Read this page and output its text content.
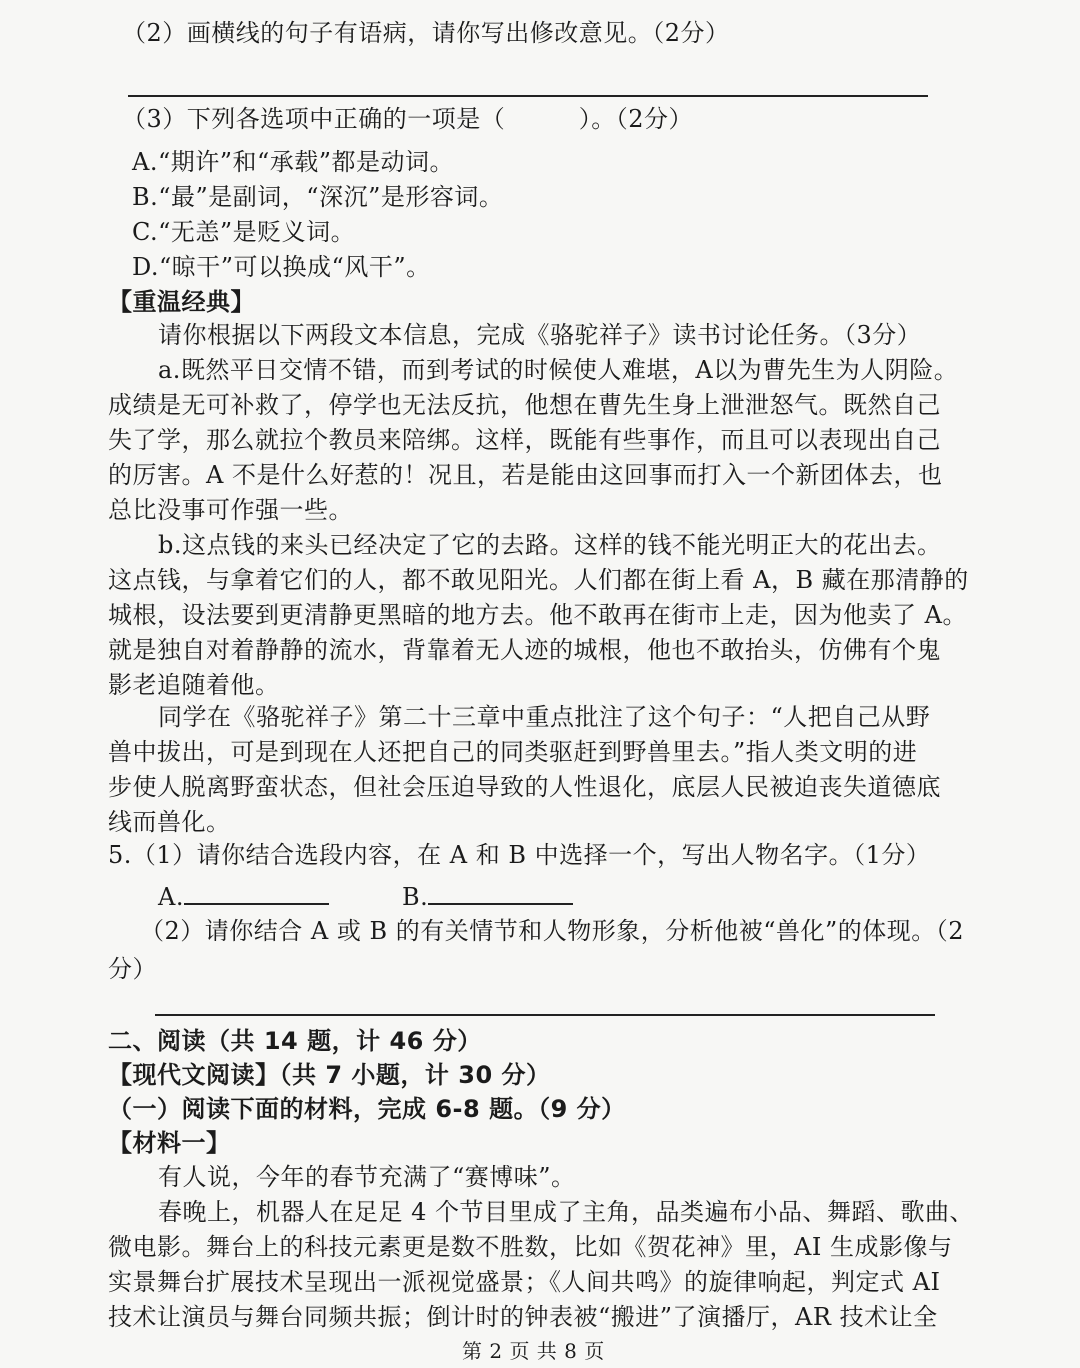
（2）画横线的句子有语病，请你写出修改意见。（2分）
（3）下列各选项中正确的一项是（　　　）。（2分）
A.“期许”和“承载”都是动词。
B.“最”是副词，“深沉”是形容词。
C.“无恙”是贬义词。
D.“晾干”可以换成“风干”。
【重温经典】
请你根据以下两段文本信息，完成《骆驼祥子》读书讨论任务。（3分）
a.既然平日交情不错，而到考试的时候使人难堪，A以为曹先生为人阴险。
成绩是无可补救了，停学也无法反抗，他想在曹先生身上泄泄怒气。既然自己
失了学，那么就拉个教员来陪绑。这样，既能有些事作，而且可以表现出自己
的厉害。A 不是什么好惹的！况且，若是能由这回事而打入一个新团体去，也
总比没事可作强一些。
b.这点钱的来头已经决定了它的去路。这样的钱不能光明正大的花出去。
这点钱，与拿着它们的人，都不敢见阳光。人们都在街上看 A，B 藏在那清静的
城根，设法要到更清静更黑暗的地方去。他不敢再在街市上走，因为他卖了 A。
就是独自对着静静的流水，背靠着无人迹的城根，他也不敢抬头，仿佛有个鬼
影老追随着他。
同学在《骆驼祥子》第二十三章中重点批注了这个句子：“人把自己从野
兽中拔出，可是到现在人还把自己的同类驱赶到野兽里去。”指人类文明的进
步使人脱离野蛮状态，但社会压迫导致的人性退化，底层人民被迫丧失道德底
线而兽化。
5.（1）请你结合选段内容，在 A 和 B 中选择一个，写出人物名字。（1分）
A.	B.
（2）请你结合 A 或 B 的有关情节和人物形象，分析他被“兽化”的体现。（2
分）
二、阅读（共 14 题，计 46 分）
【现代文阅读】（共 7 小题，计 30 分）
（一）阅读下面的材料，完成 6-8 题。（9 分）
【材料一】
有人说，今年的春节充满了“赛博味”。
春晚上，机器人在足足 4 个节目里成了主角，品类遍布小品、舞蹈、歌曲、
微电影。舞台上的科技元素更是数不胜数，比如《贺花神》里，AI 生成影像与
实景舞台扩展技术呈现出一派视觉盛景；《人间共鸣》的旋律响起，判定式 AI
技术让演员与舞台同频共振；倒计时的钟表被“搬进”了演播厅，AR 技术让全
第 2 页 共 8 页
